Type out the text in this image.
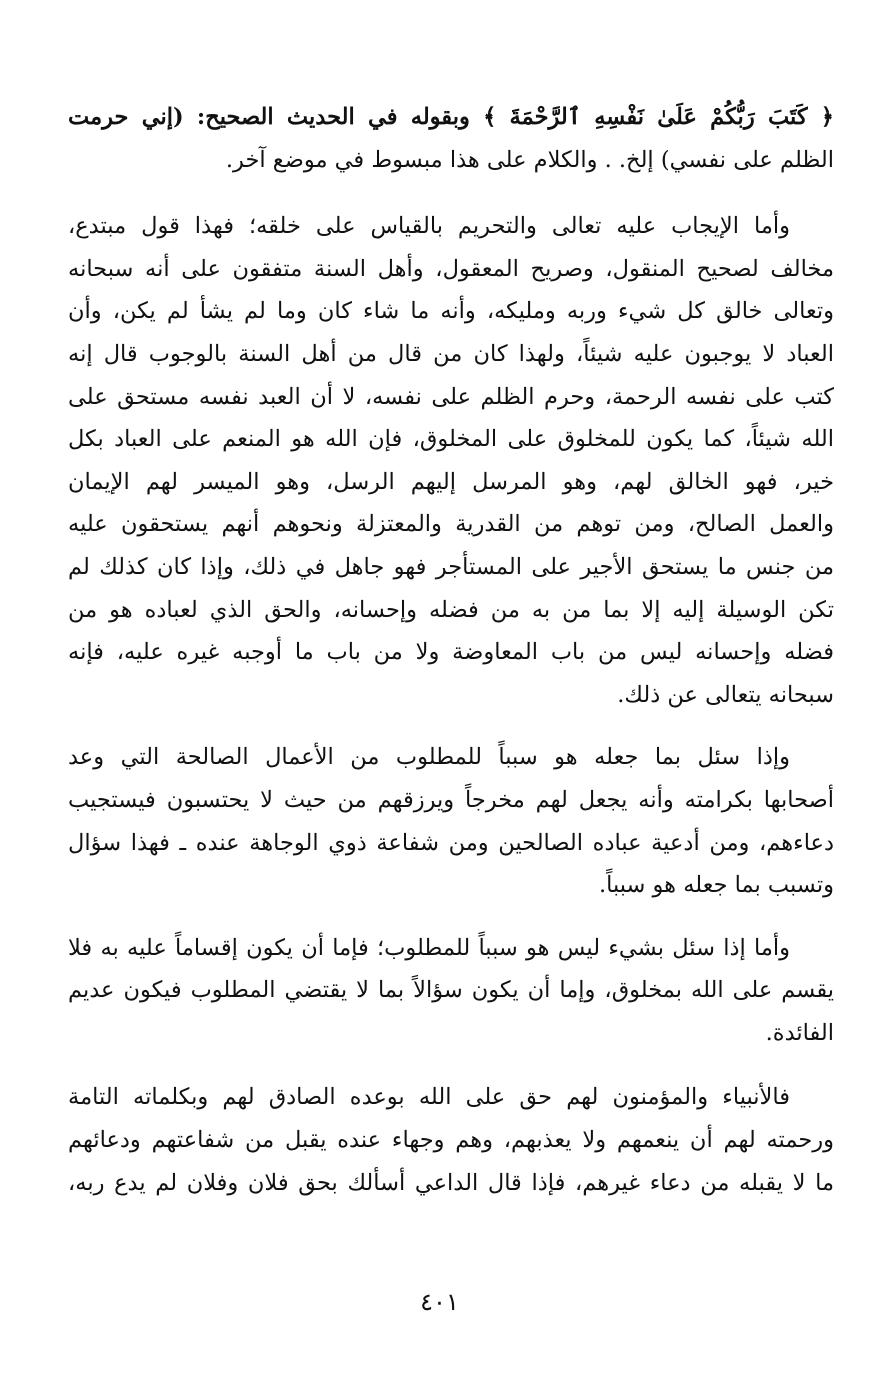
﴿ كَتَبَ رَبُّكُمْ عَلَىٰ نَفْسِهِ ٱلرَّحْمَةَ ﴾ وبقوله في الحديث الصحيح: (إني حرمت
الظلم على نفسي) إلخ. . والكلام على هذا مبسوط في موضع آخر.
وأما الإيجاب عليه تعالى والتحريم بالقياس على خلقه؛ فهذا قول مبتدع،
مخالف لصحيح المنقول، وصريح المعقول، وأهل السنة متفقون على أنه سبحانه
وتعالى خالق كل شيء وربه ومليكه، وأنه ما شاء كان وما لم يشأ لم يكن، وأن
العباد لا يوجبون عليه شيئاً، ولهذا كان من قال من أهل السنة بالوجوب قال إنه
كتب على نفسه الرحمة، وحرم الظلم على نفسه، لا أن العبد نفسه مستحق على
الله شيئاً، كما يكون للمخلوق على المخلوق، فإن الله هو المنعم على العباد بكل
خير، فهو الخالق لهم، وهو المرسل إليهم الرسل، وهو الميسر لهم الإيمان
والعمل الصالح، ومن توهم من القدرية والمعتزلة ونحوهم أنهم يستحقون عليه
من جنس ما يستحق الأجير على المستأجر فهو جاهل في ذلك، وإذا كان كذلك لم
تكن الوسيلة إليه إلا بما من به من فضله وإحسانه، والحق الذي لعباده هو من
فضله وإحسانه ليس من باب المعاوضة ولا من باب ما أوجبه غيره عليه، فإنه
سبحانه يتعالى عن ذلك.
وإذا سئل بما جعله هو سبباً للمطلوب من الأعمال الصالحة التي وعد
أصحابها بكرامته وأنه يجعل لهم مخرجاً ويرزقهم من حيث لا يحتسبون فيستجيب
دعاءهم، ومن أدعية عباده الصالحين ومن شفاعة ذوي الوجاهة عنده ـ فهذا سؤال
وتسبب بما جعله هو سبباً.
وأما إذا سئل بشيء ليس هو سبباً للمطلوب؛ فإما أن يكون إقساماً عليه به فلا
يقسم على الله بمخلوق، وإما أن يكون سؤالاً بما لا يقتضي المطلوب فيكون عديم
الفائدة.
فالأنبياء والمؤمنون لهم حق على الله بوعده الصادق لهم وبكلماته التامة
ورحمته لهم أن ينعمهم ولا يعذبهم، وهم وجهاء عنده يقبل من شفاعتهم ودعائهم
ما لا يقبله من دعاء غيرهم، فإذا قال الداعي أسألك بحق فلان وفلان لم يدع ربه،
٤٠١
